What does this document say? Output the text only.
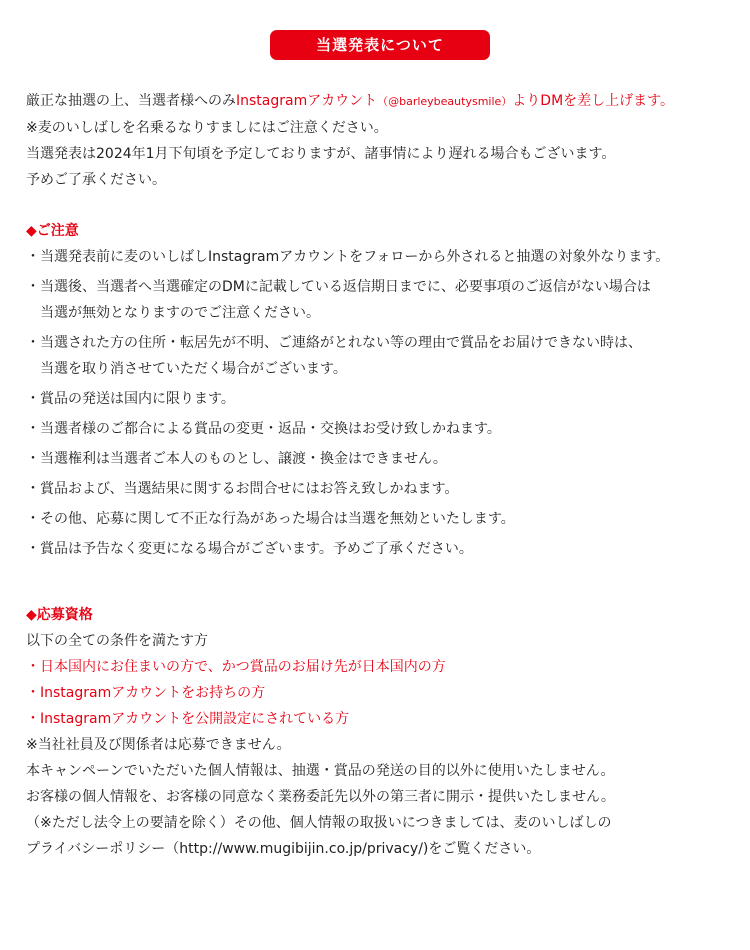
当選発表について
厳正な抽選の上、当選者様へのみInstagramアカウント（@barleybeautysmile）よりDMを差し上げます。
※麦のいしばしを名乗るなりすましにはご注意ください。
当選発表は2024年1月下旬頃を予定しておりますが、諸事情により遅れる場合もございます。
予めご了承ください。
◆ご注意
・ 当選発表前に麦のいしばしInstagramアカウントをフォローから外されると抽選の対象外なります。
・ 当選後、当選者へ当選確定のDMに記載している返信期日までに、必要事項のご返信がない場合は
当選が無効となりますのでご注意ください。
・ 当選された方の住所・転居先が不明、ご連絡がとれない等の理由で賞品をお届けできない時は、
当選を取り消させていただく場合がございます。
・ 賞品の発送は国内に限ります。
・ 当選者様のご都合による賞品の変更・返品・交換はお受け致しかねます。
・ 当選権利は当選者ご本人のものとし、譲渡・換金はできません。
・ 賞品および、当選結果に関するお問合せにはお答え致しかねます。
・ その他、応募に関して不正な行為があった場合は当選を無効といたします。
・ 賞品は予告なく変更になる場合がございます。予めご了承ください。
◆応募資格
以下の全ての条件を満たす方
・日本国内にお住まいの方で、かつ賞品のお届け先が日本国内の方
・Instagramアカウントをお持ちの方
・Instagramアカウントを公開設定にされている方
※当社社員及び関係者は応募できません。
本キャンペーンでいただいた個人情報は、抽選・賞品の発送の目的以外に使用いたしません。
お客様の個人情報を、お客様の同意なく業務委託先以外の第三者に開示・提供いたしません。
（※ただし法令上の要請を除く）その他、個人情報の取扱いにつきましては、麦のいしばしの
プライバシーポリシー（http://www.mugibijin.co.jp/privacy/)をご覧ください。
